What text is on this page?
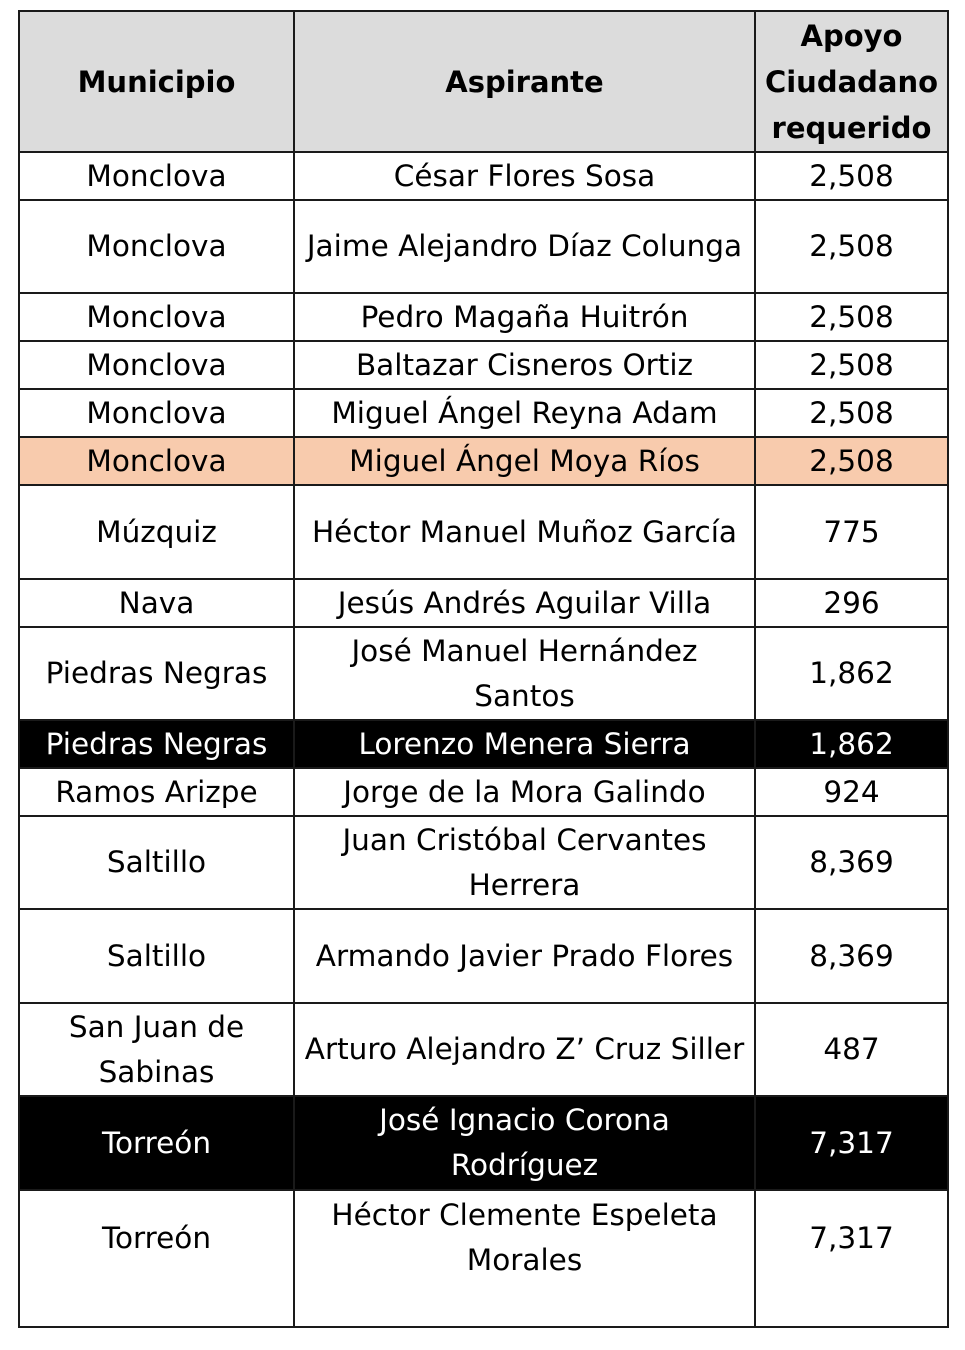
Municipio	Aspirante	Apoyo Ciudadano requerido
Monclova	César Flores Sosa	2,508
Monclova	Jaime Alejandro Díaz Colunga	2,508
Monclova	Pedro Magaña Huitrón	2,508
Monclova	Baltazar Cisneros Ortiz	2,508
Monclova	Miguel Ángel Reyna Adam	2,508
Monclova	Miguel Ángel Moya Ríos	2,508
Múzquiz	Héctor Manuel Muñoz García	775
Nava	Jesús Andrés Aguilar Villa	296
Piedras Negras	José Manuel Hernández Santos	1,862
Piedras Negras	Lorenzo Menera Sierra	1,862
Ramos Arizpe	Jorge de la Mora Galindo	924
Saltillo	Juan Cristóbal Cervantes Herrera	8,369
Saltillo	Armando Javier Prado Flores	8,369
San Juan de Sabinas	Arturo Alejandro Z’ Cruz Siller	487
Torreón	José Ignacio Corona Rodríguez	7,317
Torreón	Héctor Clemente Espeleta Morales	7,317
